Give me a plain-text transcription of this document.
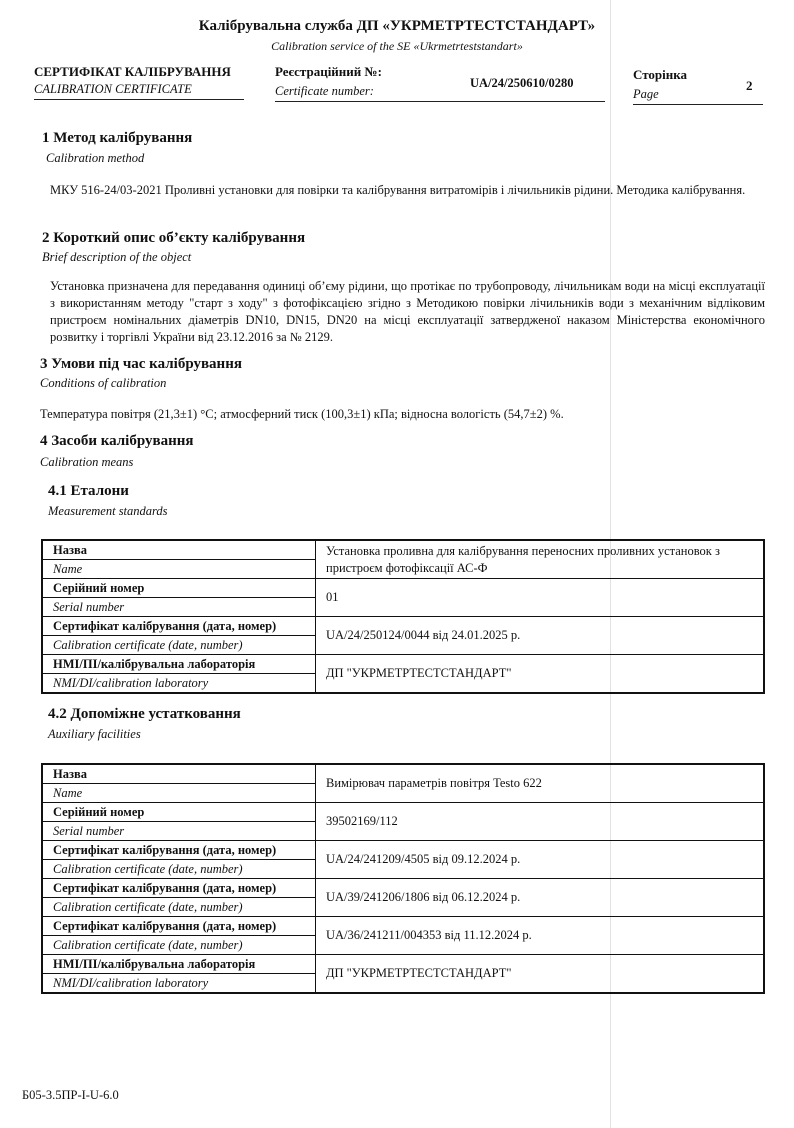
Калібрувальна служба ДП «УКРМЕТРТЕСТСТАНДАРТ»
Calibration service of the SE «Ukrmetrteststandart»
СЕРТИФІКАТ КАЛІБРУВАННЯ
CALIBRATION CERTIFICATE
Реєстраційний №:
Certificate number:
UA/24/250610/0280
Сторінка
Page
2
1 Метод калібрування
Calibration method
МКУ 516-24/03-2021 Проливні установки для повірки та калібрування витратомірів і лічильників рідини. Методика калібрування.
2 Короткий опис об’єкту калібрування
Brief description of the object
Установка призначена для передавання одиниці об’єму рідини, що протікає по трубопроводу, лічильникам води на місці експлуатації з використанням методу "старт з ходу" з фотофіксацією згідно з Методикою повірки лічильників води з механічним відліковим пристроєм номінальних діаметрів DN10, DN15, DN20 на місці експлуатації затвердженої наказом Міністерства економічного розвитку і торгівлі України від 23.12.2016 за № 2129.
3 Умови під час калібрування
Conditions of calibration
Температура повітря (21,3±1) °С; атмосферний тиск (100,3±1) кПа; відносна вологість (54,7±2) %.
4 Засоби калібрування
Calibration means
4.1 Еталони
Measurement standards
Назва
Name	Установка проливна для калібрування переносних проливних установок з пристроєм фотофіксації АС-Ф

Серійний номер
Serial number	01

Сертифікат калібрування (дата, номер)
Calibration certificate (date, number)	UA/24/250124/0044 від 24.01.2025 р.

НМІ/ПІ/калібрувальна лабораторія
NMI/DI/calibration laboratory	ДП "УКРМЕТРТЕСТСТАНДАРТ"
4.2 Допоміжне устатковання
Auxiliary facilities
Назва
Name	Вимірювач параметрів повітря Testo 622

Серійний номер
Serial number	39502169/112

Сертифікат калібрування (дата, номер)
Calibration certificate (date, number)	UA/24/241209/4505 від 09.12.2024 р.

Сертифікат калібрування (дата, номер)
Calibration certificate (date, number)	UA/39/241206/1806 від 06.12.2024 р.

Сертифікат калібрування (дата, номер)
Calibration certificate (date, number)	UA/36/241211/004353 від 11.12.2024 р.

НМІ/ПІ/калібрувальна лабораторія
NMI/DI/calibration laboratory	ДП "УКРМЕТРТЕСТСТАНДАРТ"
Б05-3.5ПР-І-U-6.0
